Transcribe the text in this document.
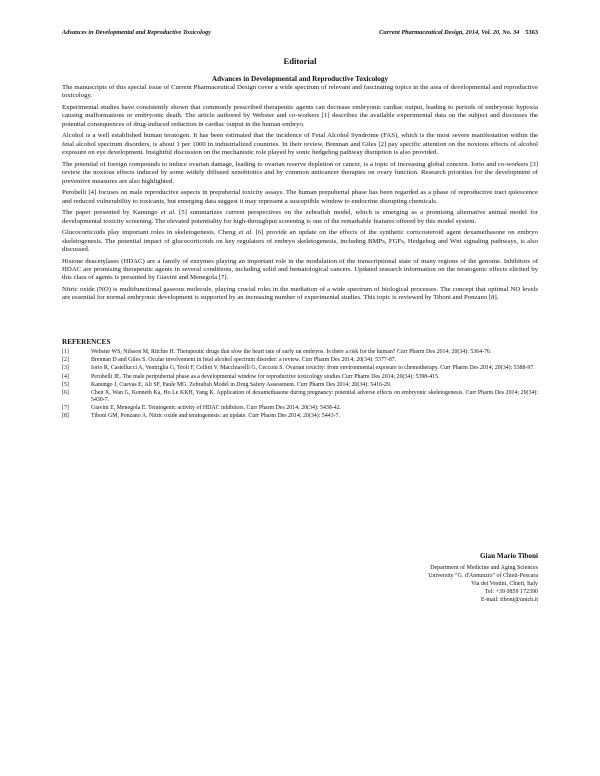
Advances in Developmental and Reproductive Toxicology	Current Pharmaceutical Design, 2014, Vol. 20, No. 34 5363
Editorial
Advances in Developmental and Reproductive Toxicology

The manuscripts of this special issue of Current Pharmaceutical Design cover a wide spectrum of relevant and fascinating topics in the area of developmental and reproductive toxicology.

Experimental studies have consistently shown that commonly prescribed therapeutic agents can decrease embryonic cardiac output, leading to periods of embryonic hypoxia causing malformations or embryonic death. The article authored by Webster and co-workers [1] describes the available experimental data on the subject and discusses the potential consequences of drug-induced reduction in cardiac output in the human embryo.

Alcohol is a well established human teratogen. It has been estimated that the incidence of Fetal Alcohol Syndrome (FAS), which is the most severe manifestation within the fetal alcohol spectrum disorders, is about 1 per 1000 in industrialized countries. In their review, Brennan and Giles [2] pay specific attention on the noxious effects of alcohol exposure on eye development. Insightful discussion on the mechanistic role played by sonic hedgehog pathway disruption is also provided.

The potential of foreign compounds to induce ovarian damage, leading to ovarian reserve depletion or cancer, is a topic of increasing global concern. Iorio and co-workers [3] review the noxious effects induced by some widely diffused xenobiotics and by common anticancer therapies on ovary function. Research priorities for the development of preventive measures are also highlighted.

Perobelli [4] focuses on male reproductive aspects in prepubertal toxicity assays. The human prepubertal phase has been regarded as a phase of reproductive tract quiescence and reduced vulnerability to toxicants, but emerging data suggest it may represent a susceptible window to endocrine disrupting chemicals.

The paper presented by Kanungo et al. [5] summarizes current perspectives on the zebrafish model, which is emerging as a promising alternative animal model for developmental toxicity screening. The elevated potentiality for high-throughput screening is one of the remarkable features offered by this model system.

Glucocorticoids play important roles in skeletogenesis. Cheng et al. [6] provide an update on the effects of the synthetic corticosteroid agent dexamethasone on embryo skeletogenesis. The potential impact of glucocorticoids on key regulators of embryo skeletogenesis, including BMPs, FGFs, Hedgehog and Wnt signaling pathways, is also discussed.

Histone deacetylases (HDAC) are a family of enzymes playing an important role in the modulation of the transcriptional state of many regions of the genome. Inhibitors of HDAC are promising therapeutic agents in several conditions, including solid and hematological cancers. Updated research information on the teratogenic effects elicited by this class of agents is presented by Giavini and Menegola [7].

Nitric oxide (NO) is multifunctional gaseous molecule, playing crucial roles in the mediation of a wide spectrum of biological processes. The concept that optimal NO levels are essential for normal embryonic development is supported by an increasing number of experimental studies. This topic is reviewed by Tiboni and Ponzano [8].

REFERENCES
[1]	Webster WS, Nilsson M, Ritchie H. Therapeutic drugs that slow the heart rate of early rat embryos. Is there a risk for the human? Curr Pharm Des 2014; 20(34): 5364-76.
[2]	Brennan D and Giles S. Ocular involvement in fetal alcohol spectrum disorder: a review. Curr Pharm Des 2014; 20(34): 5377-87.
[3]	Iorio R, Castellucci A, Ventriglia G, Teoli F, Cellini V, Macchiarelli G, Cecconi S. Ovarian toxicity: from environmental exposure to chemotherapy. Curr Pharm Des 2014; 20(34): 5388-97.
[4]	Perobelli JE. The male peripubertal phase as a developmental window for reproductive toxicology studies Curr Pharm Des 2014; 20(34): 5398-415.
[5]	Kanungo J, Cuevas E, Ali SF, Paule MG. Zebrafish Model in Drug Safety Assessment. Curr Pharm Des 2014; 20(34): 5416-29.
[6]	Chen X, Wan G, Kenneth Ka, Ho Le KKH, Yang K. Application of dexamethasone during pregnancy: potential adverse effects on embryonic skeletogenesis. Curr Pharm Des 2014; 20(34): 5430-7.
[7]	Giavini E, Menegola E. Teratogenic activity of HDAC inhibitors. Curr Pharm Des 2014; 20(34): 5438-42.
[8]	Tiboni GM, Ponzano A. Nitric oxide and teratogenesis: an update. Curr Pharm Des 2014; 20(34): 5443-7.
Gian Mario Tiboni
Department of Medicine and Aging Sciences
University "G. d'Annunzio" of Chieti-Pescara
Via dei Vestini, Chieti, Italy
Tel: +39 0859 172390
E-mail: tiboni@unich.it
